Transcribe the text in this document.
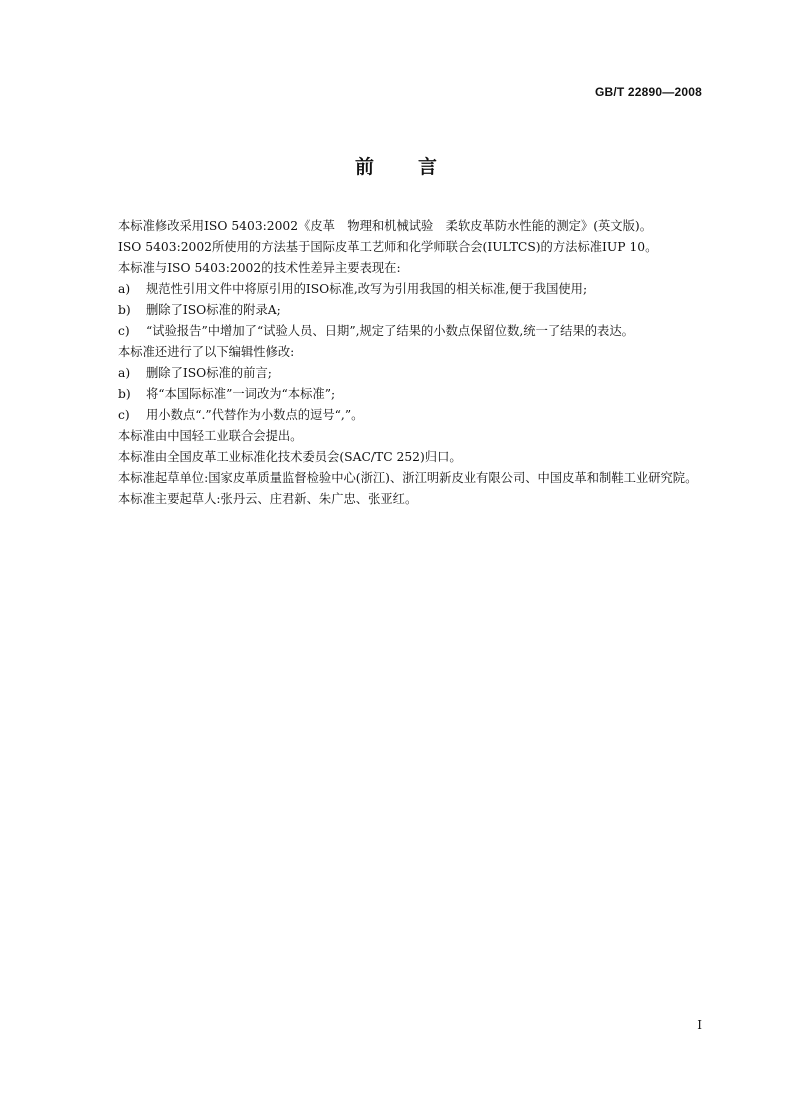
GB/T 22890—2008
前 言

本标准修改采用ISO 5403:2002《皮革　物理和机械试验　柔软皮革防水性能的测定》(英文版)。

ISO 5403:2002所使用的方法基于国际皮革工艺师和化学师联合会(IULTCS)的方法标准IUP 10。

本标准与ISO 5403:2002的技术性差异主要表现在:

a) 规范性引用文件中将原引用的ISO标准,改写为引用我国的相关标准,便于我国使用;
b) 删除了ISO标准的附录A;
c) “试验报告”中增加了“试验人员、日期”,规定了结果的小数点保留位数,统一了结果的表达。

本标准还进行了以下编辑性修改:

a) 删除了ISO标准的前言;
b) 将“本国际标准”一词改为“本标准”;
c) 用小数点“.”代替作为小数点的逗号“,”。

本标准由中国轻工业联合会提出。

本标准由全国皮革工业标准化技术委员会(SAC/TC 252)归口。

本标准起草单位:国家皮革质量监督检验中心(浙江)、浙江明新皮业有限公司、中国皮革和制鞋工业研究院。

本标准主要起草人:张丹云、庄君新、朱广忠、张亚红。

I
